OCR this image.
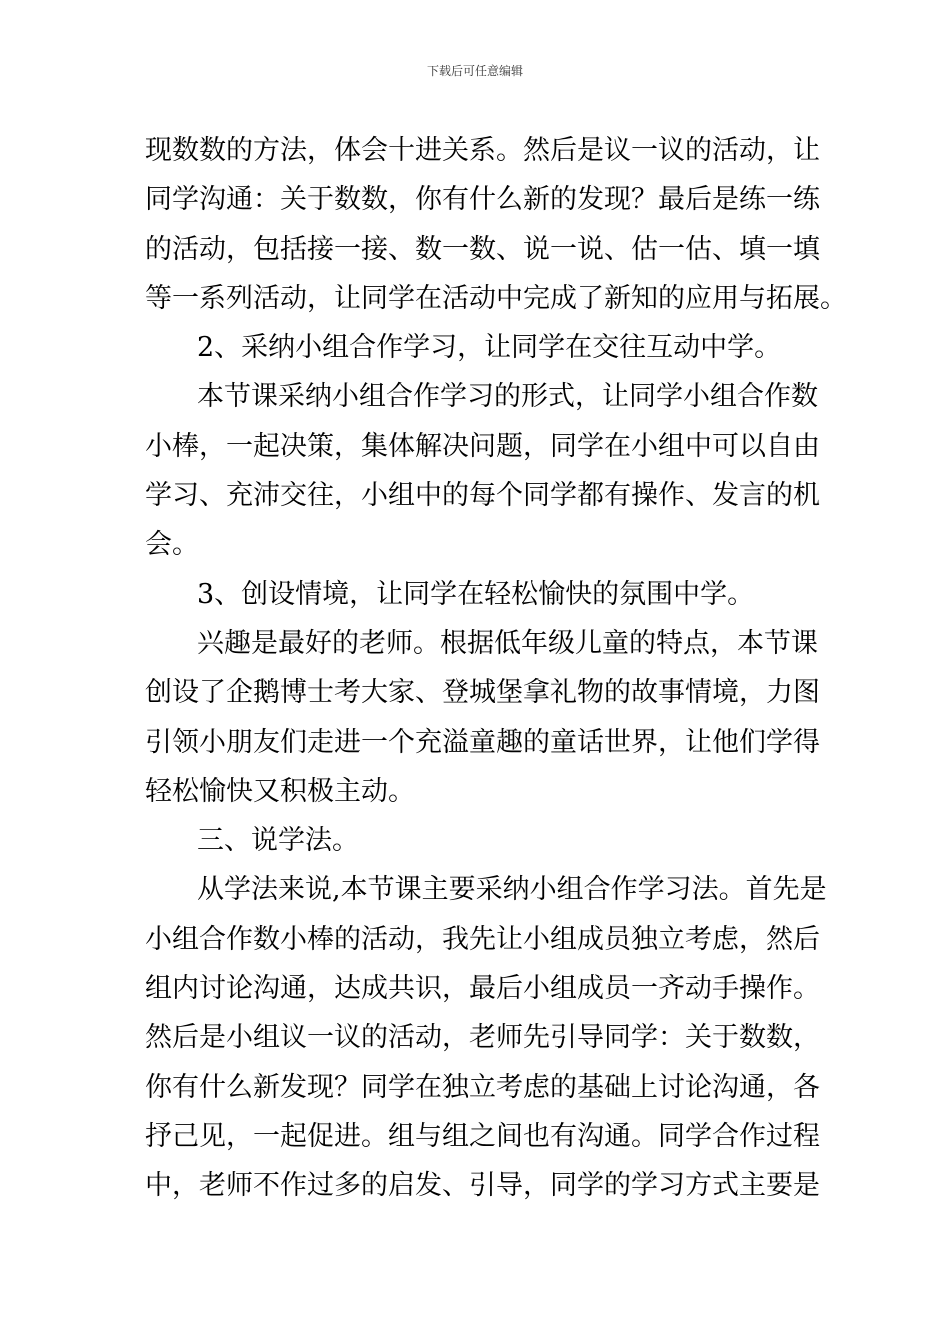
下载后可任意编辑
现 数 数 的 方 法 ， 体 会 十 进 关 系 。 然 后 是 议 一 议 的 活 动 ， 让
同 学 沟 通 ： 关 于 数 数 ， 你 有 什 么 新 的 发 现 ？ 最 后 是 练 一 练
的 活 动 ， 包 括 接 一 接 、 数 一 数 、 说 一 说 、 估 一 估 、 填 一 填
等一系列活动，让同学在活动中完成了新知的应用与拓展。
2、采纳小组合作学习，让同学在交往互动中学。
本 节 课 采 纳 小 组 合 作 学 习 的 形 式 ， 让 同 学 小 组 合 作 数
小 棒 ， 一 起 决 策 ， 集 体 解 决 问 题 ， 同 学 在 小 组 中 可 以 自 由
学 习 、 充 沛 交 往 ， 小 组 中 的 每 个 同 学 都 有 操 作 、 发 言 的 机
会。
3、创设情境，让同学在轻松愉快的氛围中学。
兴 趣 是 最 好 的 老 师 。 根 据 低 年 级 儿 童 的 特 点 ， 本 节 课
创 设 了 企 鹅 博 士 考 大 家 、 登 城 堡 拿 礼 物 的 故 事 情 境 ， 力 图
引 领 小 朋 友 们 走 进 一 个 充 溢 童 趣 的 童 话 世 界 ， 让 他 们 学 得
轻松愉快又积极主动。
三、说学法。
从 学 法 来 说 , 本 节 课 主 要 采 纳 小 组 合 作 学 习 法 。 首 先 是
小 组 合 作 数 小 棒 的 活 动 ， 我 先 让 小 组 成 员 独 立 考 虑 ， 然 后
组 内 讨 论 沟 通 ， 达 成 共 识 ， 最 后 小 组 成 员 一 齐 动 手 操 作 。
然 后 是 小 组 议 一 议 的 活 动 ， 老 师 先 引 导 同 学 ： 关 于 数 数 ，
你 有 什 么 新 发 现 ？ 同 学 在 独 立 考 虑 的 基 础 上 讨 论 沟 通 ， 各
抒 己 见 ， 一 起 促 进 。 组 与 组 之 间 也 有 沟 通 。 同 学 合 作 过 程
中 ， 老 师 不 作 过 多 的 启 发 、 引 导 ， 同 学 的 学 习 方 式 主 要 是
